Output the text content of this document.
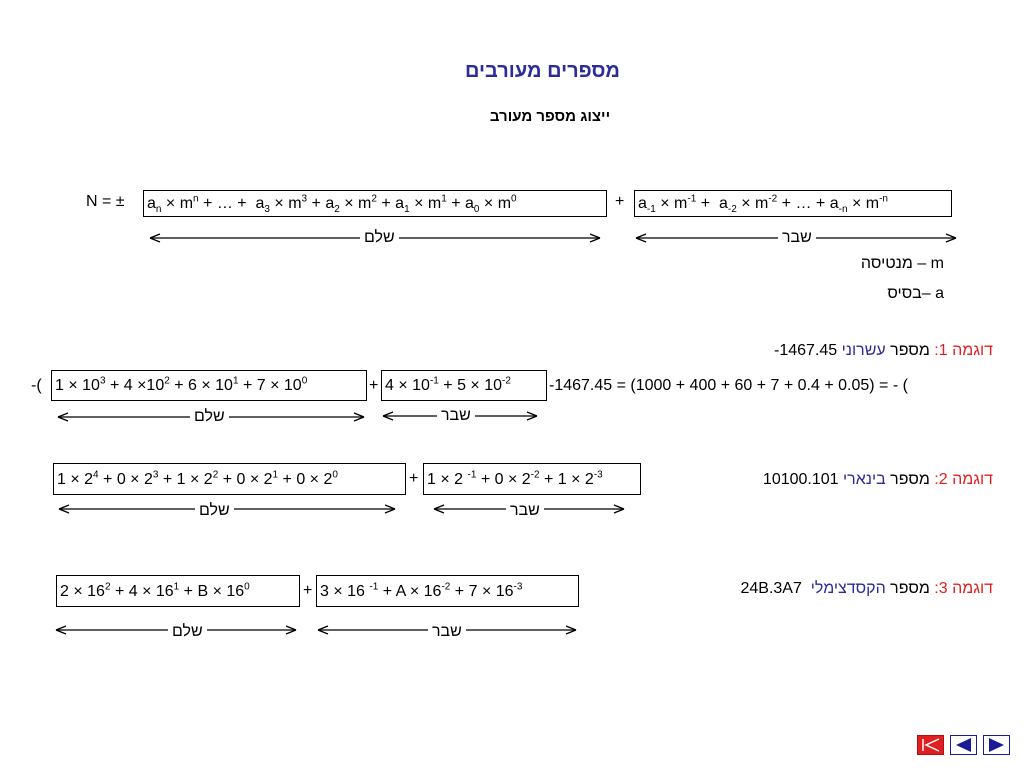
מספרים מעורבים
ייצוג מספר מעורב
N = ± $a_n \times m^n$ + … +  $a_3 \times m^3 + a_2 \times m^2 + a_1 \times m^1 + a_0 \times m^0$	+ $a_{-1} \times m^{-1} + a_{-2} \times m^{-2}$ + … + $a_{-n} \times m^{-n}$
שלם	שבר
m – מנטיסה
a –בסיס
דוגמה 1: מספר עשרוני -1467.45
-( $1 \times 10^3 + 4 \times 10^2 + 6 \times 10^1 + 7 \times 10^0$	+ $4 \times 10^{-1} + 5 \times 10^{-2}$	-1467.45 = (1000 + 400 + 60 + 7 + 0.4 + 0.05) = - (
שלם	שבר
דוגמה 2: מספר בינארי 10100.101
$1 \times 2^4 + 0 \times 2^3 + 1 \times 2^2 + 0 \times 2^1 + 0 \times 2^0$	+ 1 × 2 $^{-1} + 0 \times 2^{-2} + 1 \times 2^{-3}$
שלם	שבר
דוגמה 3: מספר הקסדצימלי  24B.3A7
$2 \times 16^2 + 4 \times 16^1 + B \times 16^0$	+ 3 × 16 $^{-1} + A \times 16^{-2} + 7 \times 16^{-3}$
שלם	שבר
